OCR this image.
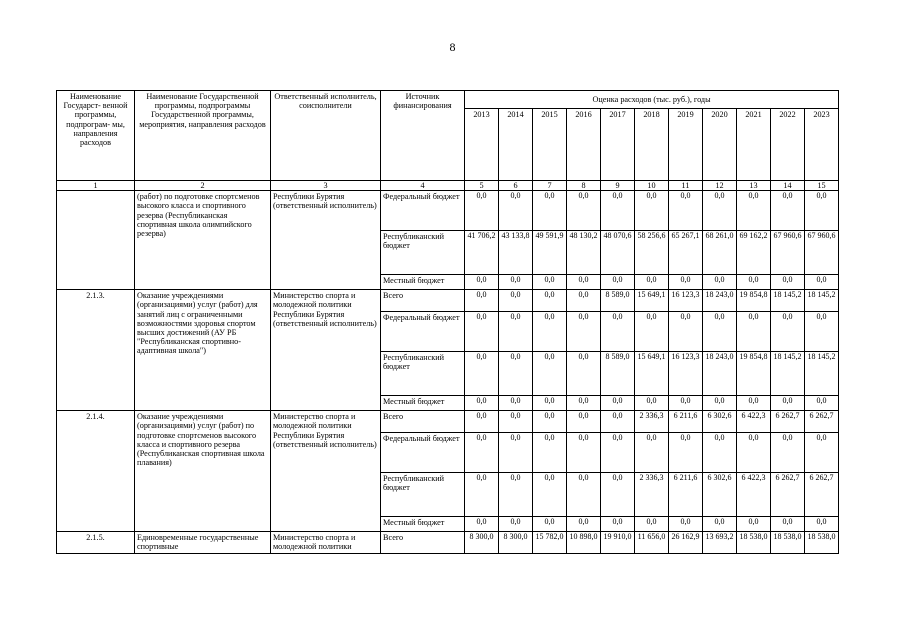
8
Наименование Государст- венной программы, подпрограм- мы, направления расходов	Наименование Государственной программы, подпрограммы Государственной программы, мероприятия, направления расходов	Ответственный исполнитель, соисполнители	Источник финансирования	Оценка расходов (тыс. руб.), годы										
				2013	2014	2015	2016	2017	2018	2019	2020	2021	2022	2023
1	2	3	4	5	6	7	8	9	10	11	12	13	14	15
	(работ) по подготовке спортсменов высокого класса и спортивного резерва (Республиканская спортивная школа олимпийского резерва)	Республики Бурятия (ответственный исполнитель)	Федеральный бюджет	0,0	0,0	0,0	0,0	0,0	0,0	0,0	0,0	0,0	0,0	0,0
			Республиканский бюджет	41 706,2	43 133,8	49 591,9	48 130,2	48 070,6	58 256,6	65 267,1	68 261,0	69 162,2	67 960,6	67 960,6
			Местный бюджет	0,0	0,0	0,0	0,0	0,0	0,0	0,0	0,0	0,0	0,0	0,0
2.1.3.	Оказание учреждениями (организациями) услуг (работ) для занятий лиц с ограниченными возможностями здоровья спортом высших достижений (АУ РБ "Республиканская спортивно-адаптивная школа")	Министерство спорта и молодежной политики Республики Бурятия (ответственный исполнитель)	Всего	0,0	0,0	0,0	0,0	8 589,0	15 649,1	16 123,3	18 243,0	19 854,8	18 145,2	18 145,2
			Федеральный бюджет	0,0	0,0	0,0	0,0	0,0	0,0	0,0	0,0	0,0	0,0	0,0
			Республиканский бюджет	0,0	0,0	0,0	0,0	8 589,0	15 649,1	16 123,3	18 243,0	19 854,8	18 145,2	18 145,2
			Местный бюджет	0,0	0,0	0,0	0,0	0,0	0,0	0,0	0,0	0,0	0,0	0,0
2.1.4.	Оказание учреждениями (организациями) услуг (работ) по подготовке спортсменов высокого класса и спортивного резерва (Республиканская спортивная школа плавания)	Министерство спорта и молодежной политики Республики Бурятия (ответственный исполнитель)	Всего	0,0	0,0	0,0	0,0	0,0	2 336,3	6 211,6	6 302,6	6 422,3	6 262,7	6 262,7
			Федеральный бюджет	0,0	0,0	0,0	0,0	0,0	0,0	0,0	0,0	0,0	0,0	0,0
			Республиканский бюджет	0,0	0,0	0,0	0,0	0,0	2 336,3	6 211,6	6 302,6	6 422,3	6 262,7	6 262,7
			Местный бюджет	0,0	0,0	0,0	0,0	0,0	0,0	0,0	0,0	0,0	0,0	0,0
2.1.5.	Единовременные государственные спортивные	Министерство спорта и молодежной политики	Всего	8 300,0	8 300,0	15 782,0	10 898,0	19 910,0	11 656,0	26 162,9	13 693,2	18 538,0	18 538,0	18 538,0
